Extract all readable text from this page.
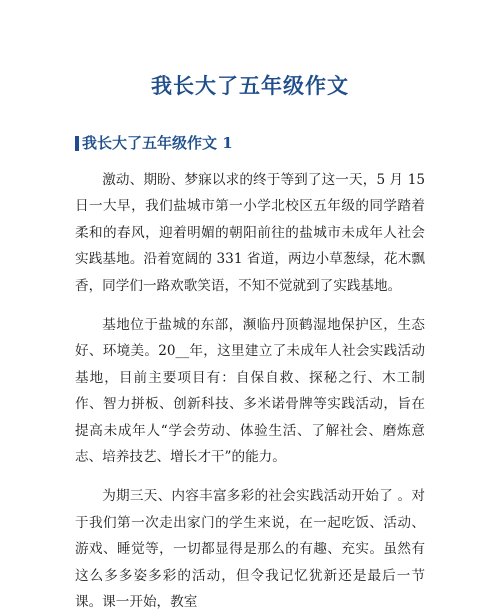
我长大了五年级作文
我长大了五年级作文 1

激动、期盼、梦寐以求的终于等到了这一天，5 月 15 日一大早，我们盐城市第一小学北校区五年级的同学踏着柔和的春风，迎着明媚的朝阳前往的盐城市未成年人社会实践基地。沿着宽阔的 331 省道，两边小草葱绿，花木飘香，同学们一路欢歌笑语，不知不觉就到了实践基地。

基地位于盐城的东部，濒临丹顶鹤湿地保护区，生态好、环境美。20__年，这里建立了未成年人社会实践活动基地，目前主要项目有：自保自救、探秘之行、木工制作、智力拼板、创新科技、多米诺骨牌等实践活动，旨在提高未成年人“学会劳动、体验生活、了解社会、磨炼意志、培养技艺、增长才干”的能力。

为期三天、内容丰富多彩的社会实践活动开始了 。对于我们第一次走出家门的学生来说，在一起吃饭、活动、游戏、睡觉等，一切都显得是那么的有趣、充实。虽然有这么多多姿多彩的活动，但令我记忆犹新还是最后一节课。课一开始，教室
